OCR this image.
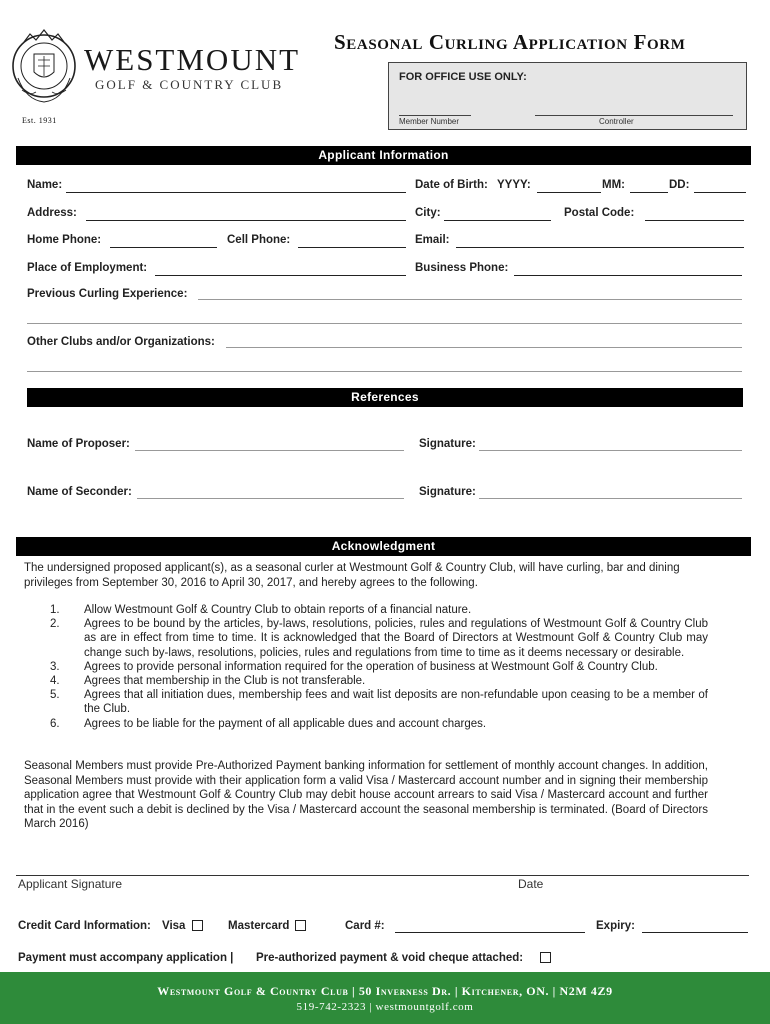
Est. 1931
WESTMOUNT
GOLF & COUNTRY CLUB
Seasonal Curling Application Form
FOR OFFICE USE ONLY:
Member Number	Controller
Applicant Information
Name:	Date of Birth: YYYY:	MM:	DD:
Address:	City:	Postal Code:
Home Phone:	Cell Phone:	Email:
Place of Employment:	Business Phone:
Previous Curling Experience:
Other Clubs and/or Organizations:
References
Name of Proposer:	Signature:
Name of Seconder:	Signature:
Acknowledgment
The undersigned proposed applicant(s), as a seasonal curler at Westmount Golf & Country Club, will have curling, bar and dining privileges from September 30, 2016 to April 30, 2017, and hereby agrees to the following.
1. Allow Westmount Golf & Country Club to obtain reports of a financial nature.
2. Agrees to be bound by the articles, by-laws, resolutions, policies, rules and regulations of Westmount Golf & Country Club as are in effect from time to time. It is acknowledged that the Board of Directors at Westmount Golf & Country Club may change such by-laws, resolutions, policies, rules and regulations from time to time as it deems necessary or desirable.
3. Agrees to provide personal information required for the operation of business at Westmount Golf & Country Club.
4. Agrees that membership in the Club is not transferable.
5. Agrees that all initiation dues, membership fees and wait list deposits are non-refundable upon ceasing to be a member of the Club.
6. Agrees to be liable for the payment of all applicable dues and account charges.
Seasonal Members must provide Pre-Authorized Payment banking information for settlement of monthly account changes. In addition, Seasonal Members must provide with their application form a valid Visa / Mastercard account number and in signing their membership application agree that Westmount Golf & Country Club may debit house account arrears to said Visa / Mastercard account and further that in the event such a debit is declined by the Visa / Mastercard account the seasonal membership is terminated. (Board of Directors March 2016)
Applicant Signature	Date
Credit Card Information: Visa	Mastercard	Card #:	Expiry:
Payment must accompany application | Pre-authorized payment & void cheque attached:
Westmount Golf & Country Club | 50 Inverness Dr. | Kitchener, ON. | N2M 4Z9
519-742-2323 | westmountgolf.com
